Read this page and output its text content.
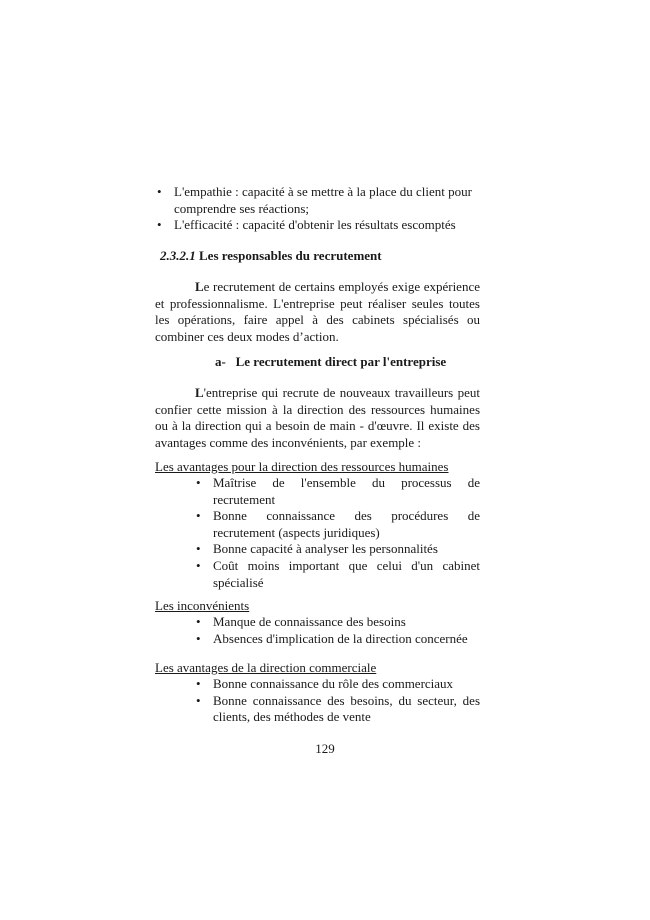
• L'empathie : capacité à se mettre à la place du client pour comprendre ses réactions;
• L'efficacité : capacité d'obtenir les résultats escomptés
2.3.2.1 Les responsables du recrutement

Le recrutement de certains employés exige expérience et professionnalisme. L'entreprise peut réaliser seules toutes les opérations, faire appel à des cabinets spécialisés ou combiner ces deux modes d’action.

a- Le recrutement direct par l'entreprise

L'entreprise qui recrute de nouveaux travailleurs peut confier cette mission à la direction des ressources humaines ou à la direction qui a besoin de main - d'œuvre. Il existe des avantages comme des inconvénients, par exemple :

Les avantages pour la direction des ressources humaines
• Maîtrise de l'ensemble du processus de recrutement
• Bonne connaissance des procédures de recrutement (aspects juridiques)
• Bonne capacité à analyser les personnalités
• Coût moins important que celui d'un cabinet spécialisé
Les inconvénients
• Manque de connaissance des besoins
• Absences d'implication de la direction concernée
Les avantages de la direction commerciale
• Bonne connaissance du rôle des commerciaux
• Bonne connaissance des besoins, du secteur, des clients, des méthodes de vente
129
